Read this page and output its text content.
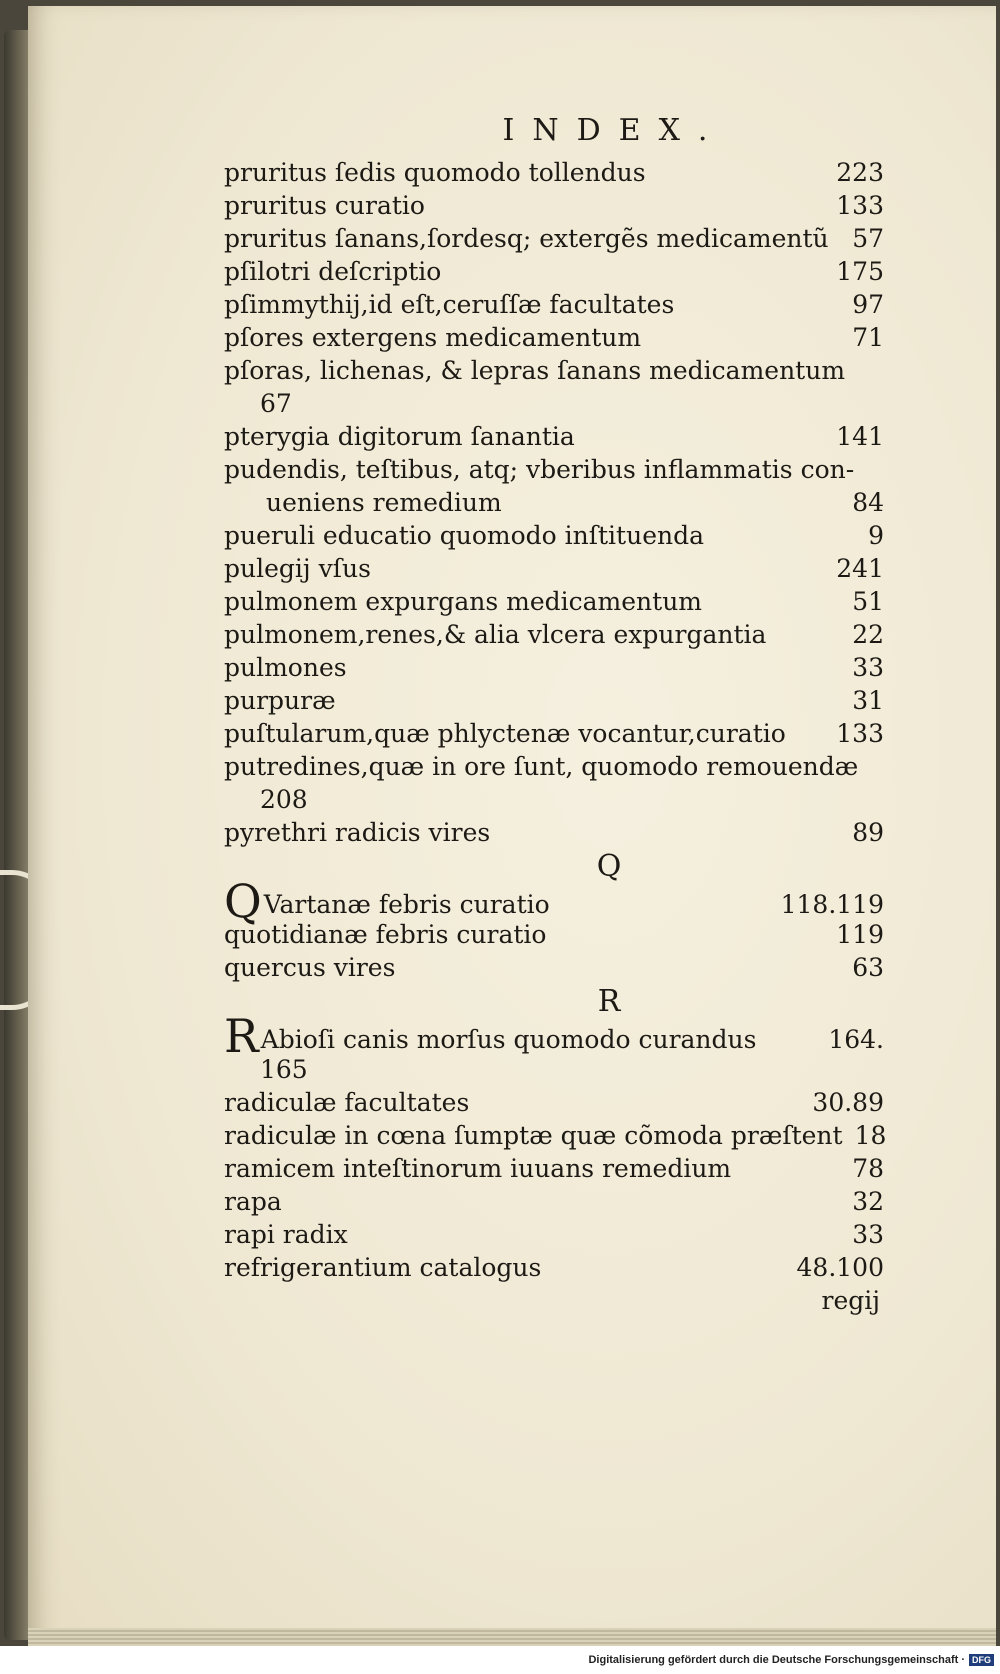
INDEX.
pruritus ſedis quomodo tollendus	223
pruritus curatio	133
pruritus ſanans,ſordesq; extergẽs medicamentũ 57
pſilotri deſcriptio	175
pſimmythij,id eſt,ceruſſæ facultates	97
pſores extergens medicamentum	71
pſoras, lichenas, & lepras ſanans medicamentum
67
pterygia digitorum ſanantia	141
pudendis, teſtibus, atq; vberibus inflammatis con-
ueniens remedium	84
pueruli educatio quomodo inſtituenda	9
pulegij vſus	241
pulmonem expurgans medicamentum	51
pulmonem,renes,& alia vlcera expurgantia	22
pulmones	33
purpuræ	31
puſtularum,quæ phlyctenæ vocantur,curatio	133
putredines,quæ in ore ſunt, quomodo remouendæ
208
pyrethri radicis vires	89
Q
QVartanæ febris curatio	118.119
quotidianæ febris curatio	119
quercus vires	63
R
RAbioſi canis morſus quomodo curandus	164.
165
radiculæ facultates	30.89
radiculæ in cœna ſumptæ quæ cõmoda præſtent 18
ramicem inteſtinorum iuuans remedium	78
rapa	32
rapi radix	33
refrigerantium catalogus	48.100
regij
Digitalisierung gefördert durch die Deutsche Forschungsgemeinschaft · DFG
